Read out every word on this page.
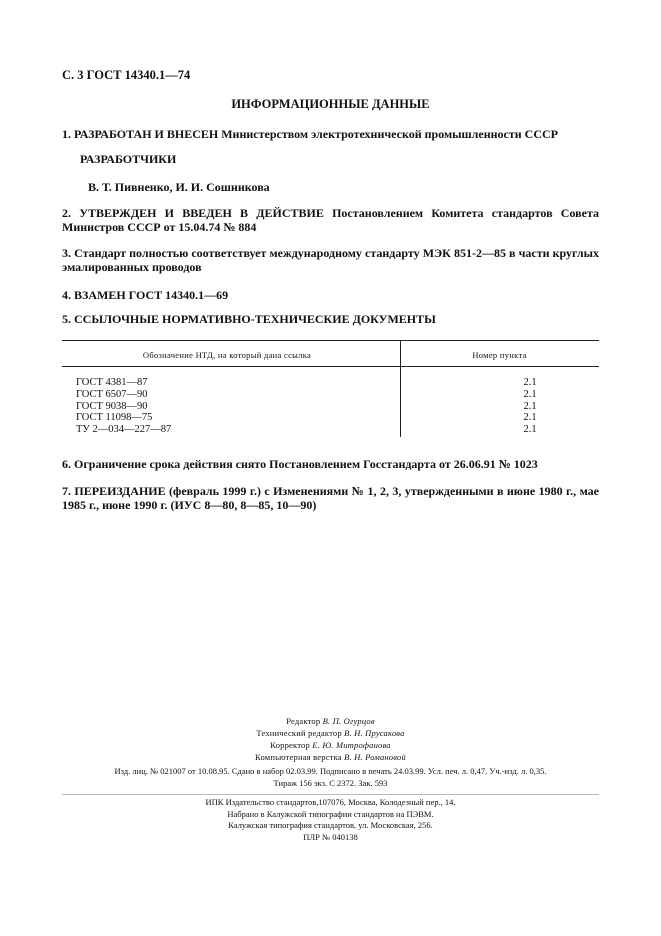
С. 3 ГОСТ 14340.1—74

ИНФОРМАЦИОННЫЕ ДАННЫЕ

1. РАЗРАБОТАН И ВНЕСЕН Министерством электротехнической промышленности СССР

РАЗРАБОТЧИКИ

В. Т. Пивненко, И. И. Сошникова

2. УТВЕРЖДЕН И ВВЕДЕН В ДЕЙСТВИЕ Постановлением Комитета стандартов Совета Министров СССР от 15.04.74 № 884

3. Стандарт полностью соответствует международному стандарту МЭК 851-2—85 в части круглых эмалированных проводов

4. ВЗАМЕН ГОСТ 14340.1—69

5. ССЫЛОЧНЫЕ НОРМАТИВНО-ТЕХНИЧЕСКИЕ ДОКУМЕНТЫ

Обозначение НТД, на который дана ссылка	Номер пункта
ГОСТ 4381—87	2.1
ГОСТ 6507—90	2.1
ГОСТ 9038—90	2.1
ГОСТ 11098—75	2.1
ТУ 2—034—227—87	2.1

6. Ограничение срока действия снято Постановлением Госстандарта от 26.06.91 № 1023

7. ПЕРЕИЗДАНИЕ (февраль 1999 г.) с Изменениями № 1, 2, 3, утвержденными в июне 1980 г., мае 1985 г., июне 1990 г. (ИУС 8—80, 8—85, 10—90)

Редактор В. П. Огурцов
Технический редактор В. Н. Прусакова
Корректор Е. Ю. Митрофанова
Компьютерная верстка В. Н. Романовой
Изд. лиц. № 021007 от 10.08.95. Сдано в набор 02.03.99. Подписано в печать 24.03.99. Усл. печ. л. 0,47. Уч.-изд. л. 0,35.
Тираж 156 экз. С 2372. Зак. 593
ИПК Издательство стандартов,107076, Москва, Колодезный пер., 14.
Набрано в Калужской типографии стандартов на ПЭВМ.
Калужская типография стандартов, ул. Московская, 256.
ПЛР № 040138
